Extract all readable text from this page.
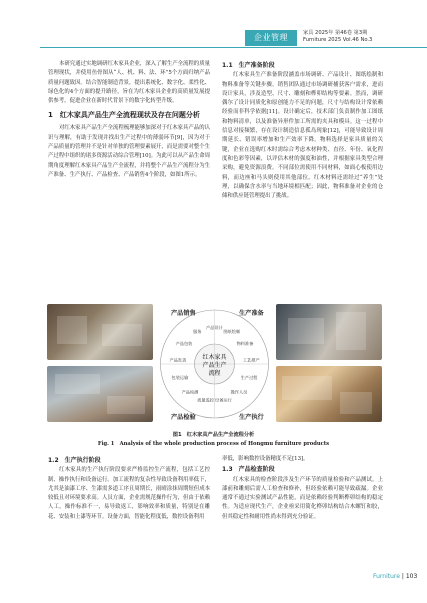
企业管理	家具 2025年 第46卷 第3期
Furniture 2025 Vol.46 No.3

本研究通过实地调研红木家具企业，深入了解生产全流程的质量管理现状，并使用鱼骨图从“人、机、料、法、环”5个方面归纳产品质量问题致因。结合智能制造背景，提出系统化、数字化、柔性化、绿色化的4个方面的提升路径，旨在为红木家具企业的高质量发展提供参考，促进企业在新时代背景下的数字化转型升级。

1　红木家具产品生产全流程现状及存在问题分析

对红木家具产品生产全流程梳理能够加深对于红木家具产品的认识与理解，有助于发现并找出生产过程中的薄弱环节[9]，因为对于产品质量的管理并不是针对单独的管理要素展开，而是需要对整个生产过程中组织的诸多资源活动综合管理[10]。为此可以从产品生命周期角度理解红木家具产品生产全流程，并将整个产品生产流程分为生产准备、生产执行、产品检查、产品销售4个阶段，如图1所示。

1.1　生产准备阶段

红木家具生产准备阶段涵盖市场调研、产品设计、图纸绘制和物料准备等关键步骤。销售团队通过市场调研捕获客户需求，进而设计家具，涉及造型、尺寸、雕刻和榫卯结构等要素。然而，调研偶尔了设计同质化和原创能力不足的问题，尺寸与结构设计常依赖经验而非科学依据[11]。设计确定后，技术部门负责制作加工图纸和物料清单，以及准备异形件加工所需的夹具和模具。这一过程中信息对接频繁，存在设计制造信息孤岛现象[12]，可能导致设计周期延长、错误率增加和生产效率下降。物料选择是家具质量的关键，企业在选购红木时需综合考虑木材种类、直径、年份、氧化程度和色彩等因素，以评估木材的强度和油性，并根据家具类型合理采购，避免资源浪费。不同部位需使用不同材料，如面心板使用边料，而边座和马头则使用其他部位。红木材料还需经过“养生”处理，以确保含水率与当地环境相匹配；因此，物料准备对企业的仓储和供应链管理提出了挑战。

产品设计
图纸绘制
物料准备
工艺排产
生产过程
操作人员
设备运行
质量监控
产品检测
包装运输
产品发货
产品包装
服务
红木家具
产品生产
流程
产品销售	生产准备
生产执行
产品检验
图1　红木家具产品生产全流程分析
Fig. 1　Analysis of the whole production process of Hongmu furniture products
1.2　生产执行阶段

红木家具的生产执行阶段要求严格监控生产流程，包括工艺控制、操作执行和设备运行。加工流程的复杂性导致设备利用率低下，尤其是油漆工序、生漆需多道工序且周期长，雨晴涂抹周期短但成本较低且对环境要求高。人员方面，企业需规范操作行为，但由于依赖人工，操作标准不一，易导致返工，影响效率和质量，特别是在雕花、安装和上漆等环节。设备方面，智能化程度低，数控设备利用

率低，影响数控设备精度不足[13]。

1.3　产品检查阶段

红木家具的检查阶段涉及生产环节的质量检验和产品测试。上漆前和雕刻后需人工检查和修补，但经验依赖可能导致疏漏。企业通常不通过实验测试产品性能，而是依赖经验判断榫卯结构的稳定性。为适应现代生产，企业亟采用简化榫卯结构结合木螺钉和胶，但其稳定性和耐用性尚未得到充分验证。

Furniture | 103
